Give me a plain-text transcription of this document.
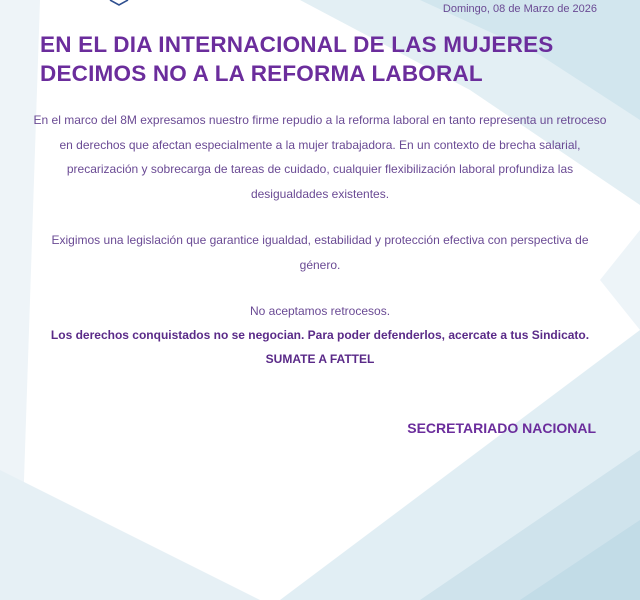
Domingo, 08 de Marzo de 2026
EN EL DIA INTERNACIONAL DE LAS MUJERES
DECIMOS NO A LA REFORMA LABORAL

En el marco del 8M expresamos nuestro firme repudio a la reforma laboral en tanto representa un retroceso en derechos que afectan especialmente a la mujer trabajadora. En un contexto de brecha salarial, precarización y sobrecarga de tareas de cuidado, cualquier flexibilización laboral profundiza las desigualdades existentes.

Exigimos una legislación que garantice igualdad, estabilidad y protección efectiva con perspectiva de género.

No aceptamos retrocesos.

Los derechos conquistados no se negocian. Para poder defenderlos, acercate a tus Sindicato.

SUMATE A FATTEL

SECRETARIADO NACIONAL
